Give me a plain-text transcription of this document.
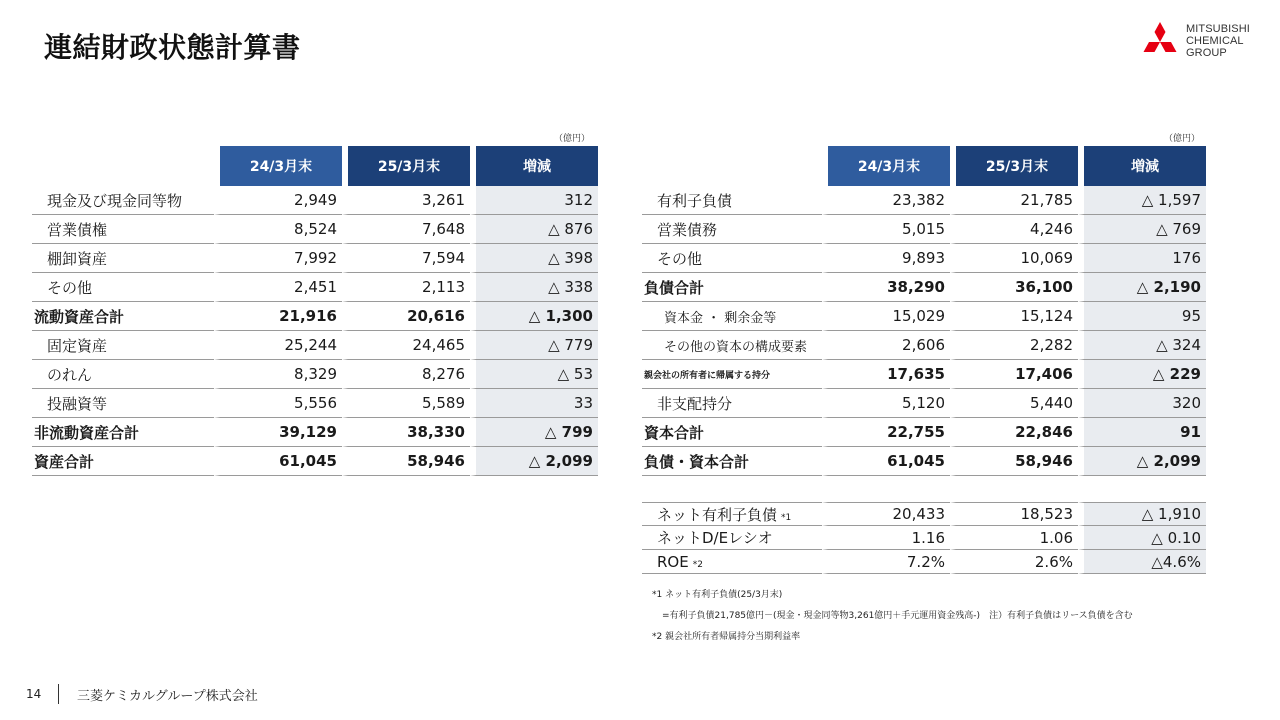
連結財政状態計算書
MITSUBISHI
CHEMICAL
GROUP
（億円）	（億円）
	24/3月末	25/3月末	増減
現金及び現金同等物	2,949	3,261	312
営業債権	8,524	7,648	△ 876
棚卸資産	7,992	7,594	△ 398
その他	2,451	2,113	△ 338
流動資産合計	21,916	20,616	△ 1,300
固定資産	25,244	24,465	△ 779
のれん	8,329	8,276	△ 53
投融資等	5,556	5,589	33
非流動資産合計	39,129	38,330	△ 799
資産合計	61,045	58,946	△ 2,099
	24/3月末	25/3月末	増減
有利子負債	23,382	21,785	△ 1,597
営業債務	5,015	4,246	△ 769
その他	9,893	10,069	176
負債合計	38,290	36,100	△ 2,190
資本金 ・ 剰余金等	15,029	15,124	95
その他の資本の構成要素	2,606	2,282	△ 324
親会社の所有者に帰属する持分	17,635	17,406	△ 229
非支配持分	5,120	5,440	320
資本合計	22,755	22,846	91
負債・資本合計	61,045	58,946	△ 2,099
ネット有利子負債 *1	20,433	18,523	△ 1,910
ネットD/Eレシオ	1.16	1.06	△ 0.10
ROE *2	7.2%	2.6%	△4.6%
*1 ネット有利子負債(25/3月末)
=有利子負債21,785億円－(現金・現金同等物3,261億円＋手元運用資金残高-)　注）有利子負債はリース負債を含む
*2 親会社所有者帰属持分当期利益率
14	三菱ケミカルグループ株式会社
